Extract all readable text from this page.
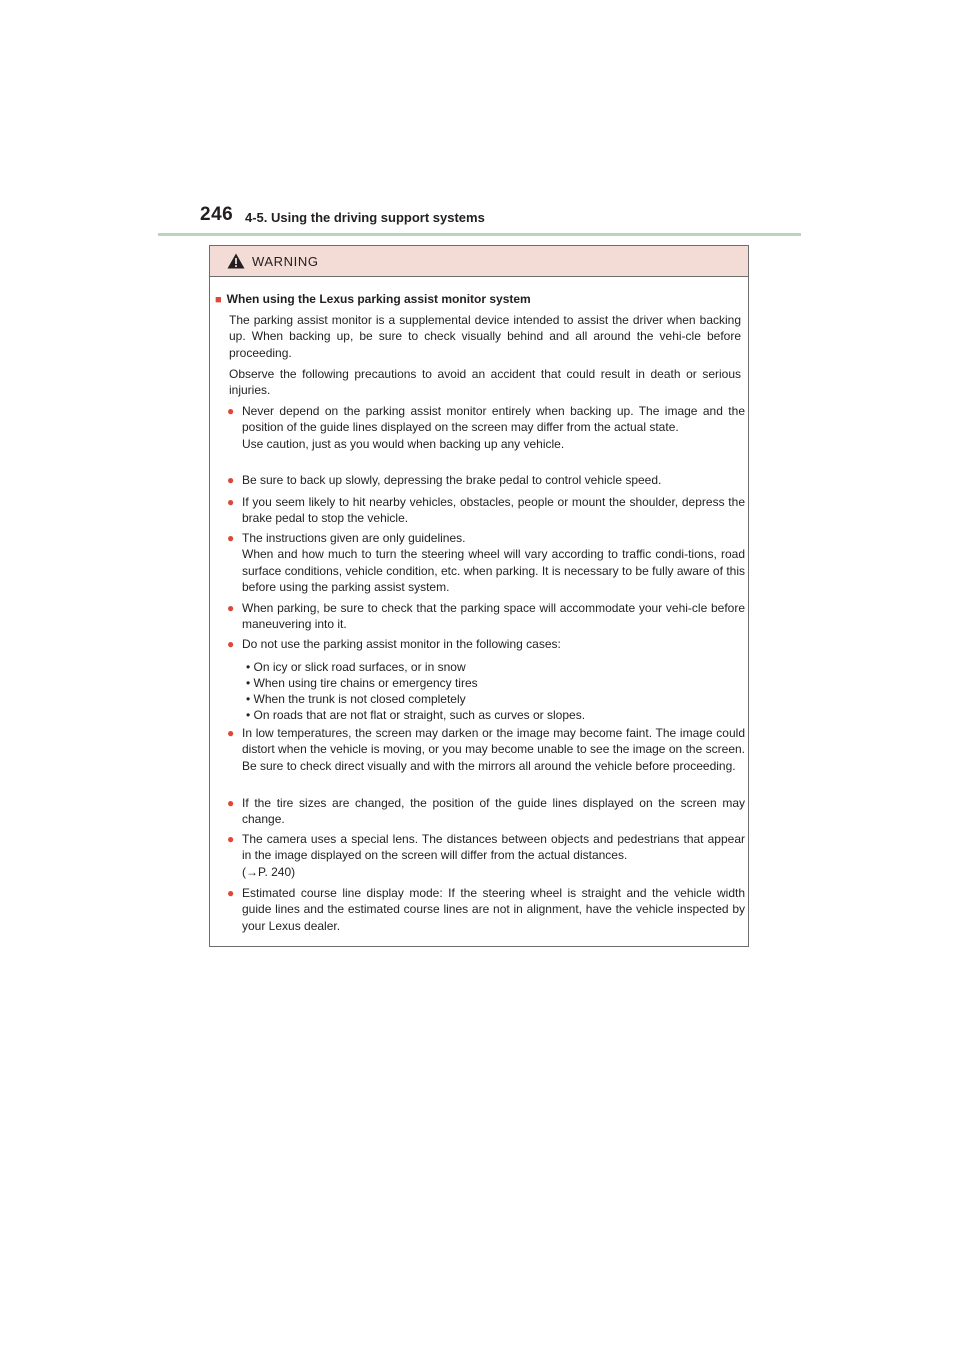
246 4-5. Using the driving support systems
WARNING
■ When using the Lexus parking assist monitor system
The parking assist monitor is a supplemental device intended to assist the driver when backing up. When backing up, be sure to check visually behind and all around the vehi-cle before proceeding.
Observe the following precautions to avoid an accident that could result in death or serious injuries.
● Never depend on the parking assist monitor entirely when backing up. The image and the position of the guide lines displayed on the screen may differ from the actual state.
Use caution, just as you would when backing up any vehicle.
● Be sure to back up slowly, depressing the brake pedal to control vehicle speed.
● If you seem likely to hit nearby vehicles, obstacles, people or mount the shoulder, depress the brake pedal to stop the vehicle.
● The instructions given are only guidelines.
When and how much to turn the steering wheel will vary according to traffic condi-tions, road surface conditions, vehicle condition, etc. when parking. It is necessary to be fully aware of this before using the parking assist system.
● When parking, be sure to check that the parking space will accommodate your vehi-cle before maneuvering into it.
● Do not use the parking assist monitor in the following cases:
• On icy or slick road surfaces, or in snow
• When using tire chains or emergency tires
• When the trunk is not closed completely
• On roads that are not flat or straight, such as curves or slopes.
● In low temperatures, the screen may darken or the image may become faint. The image could distort when the vehicle is moving, or you may become unable to see the image on the screen. Be sure to check direct visually and with the mirrors all around the vehicle before proceeding.
● If the tire sizes are changed, the position of the guide lines displayed on the screen may change.
● The camera uses a special lens. The distances between objects and pedestrians that appear in the image displayed on the screen will differ from the actual distances.
(→P. 240)
● Estimated course line display mode: If the steering wheel is straight and the vehicle width guide lines and the estimated course lines are not in alignment, have the vehicle inspected by your Lexus dealer.
